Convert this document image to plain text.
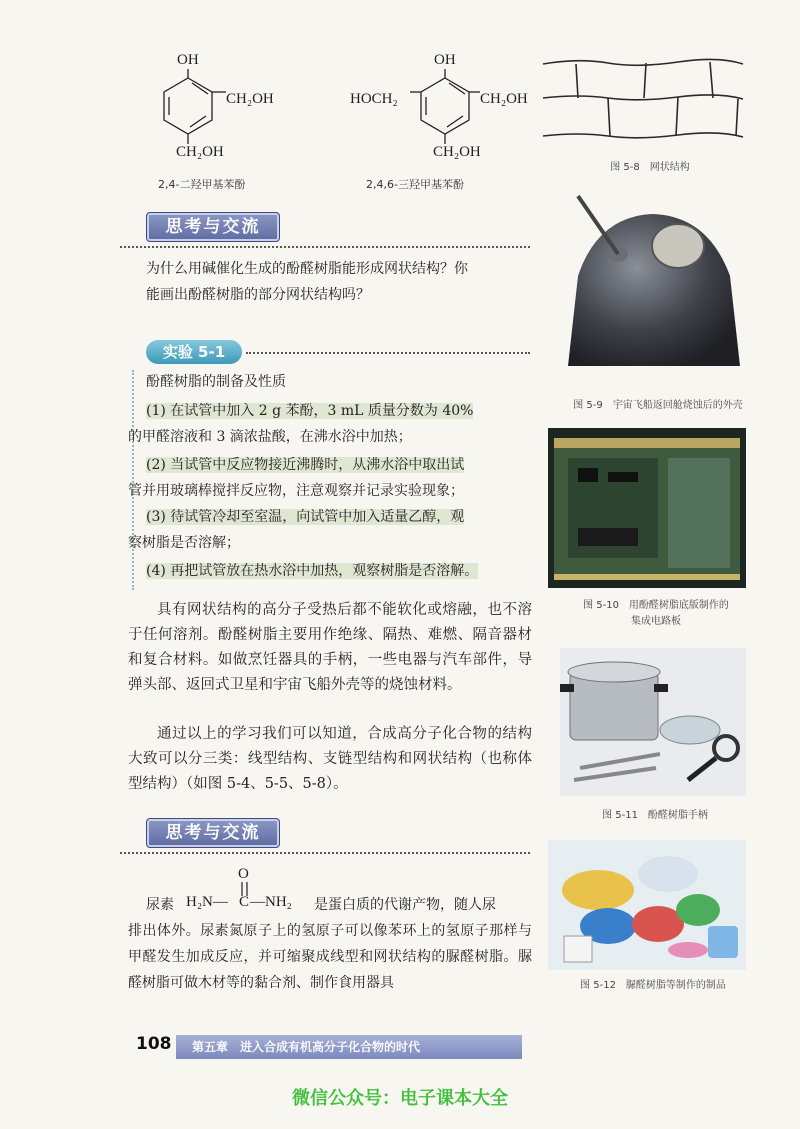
OH
CH₂OH
CH₂OH
2,4-二羟甲基苯酚
OH
HOCH₂	CH₂OH
CH₂OH
2,4,6-三羟甲基苯酚
思考与交流
为什么用碱催化生成的酚醛树脂能形成网状结构？你
能画出酚醛树脂的部分网状结构吗？
实验 5-1
酚醛树脂的制备及性质
(1) 在试管中加入 2 g 苯酚，3 mL 质量分数为 40%
的甲醛溶液和 3 滴浓盐酸，在沸水浴中加热；
(2) 当试管中反应物接近沸腾时，从沸水浴中取出试
管并用玻璃棒搅拌反应物，注意观察并记录实验现象；
(3) 待试管冷却至室温，向试管中加入适量乙醇，观
察树脂是否溶解；
(4) 再把试管放在热水浴中加热，观察树脂是否溶解。
具有网状结构的高分子受热后都不能软化或熔融，也不溶于任何溶剂。酚醛树脂主要用作绝缘、隔热、难燃、隔音器材和复合材料。如做烹饪器具的手柄，一些电器与汽车部件，导弹头部、返回式卫星和宇宙飞船外壳等的烧蚀材料。
通过以上的学习我们可以知道，合成高分子化合物的结构大致可以分三类：线型结构、支链型结构和网状结构（也称体型结构）（如图 5-4、5-5、5-8）。
思考与交流
尿素 H₂N—
O
C —NH₂ 是蛋白质的代谢产物，随人尿
排出体外。尿素氮原子上的氢原子可以像苯环上的氢原子那样与甲醛发生加成反应，并可缩聚成线型和网状结构的脲醛树脂。脲醛树脂可做木材等的黏合剂、制作食用器具
图 5-8　网状结构
图 5-9　宇宙飞船返回舱烧蚀后的外壳
图 5-10　用酚醛树脂底版制作的
集成电路板
图 5-11　酚醛树脂手柄
图 5-12　脲醛树脂等制作的制品
108 第五章　进入合成有机高分子化合物的时代
微信公众号：电子课本大全
